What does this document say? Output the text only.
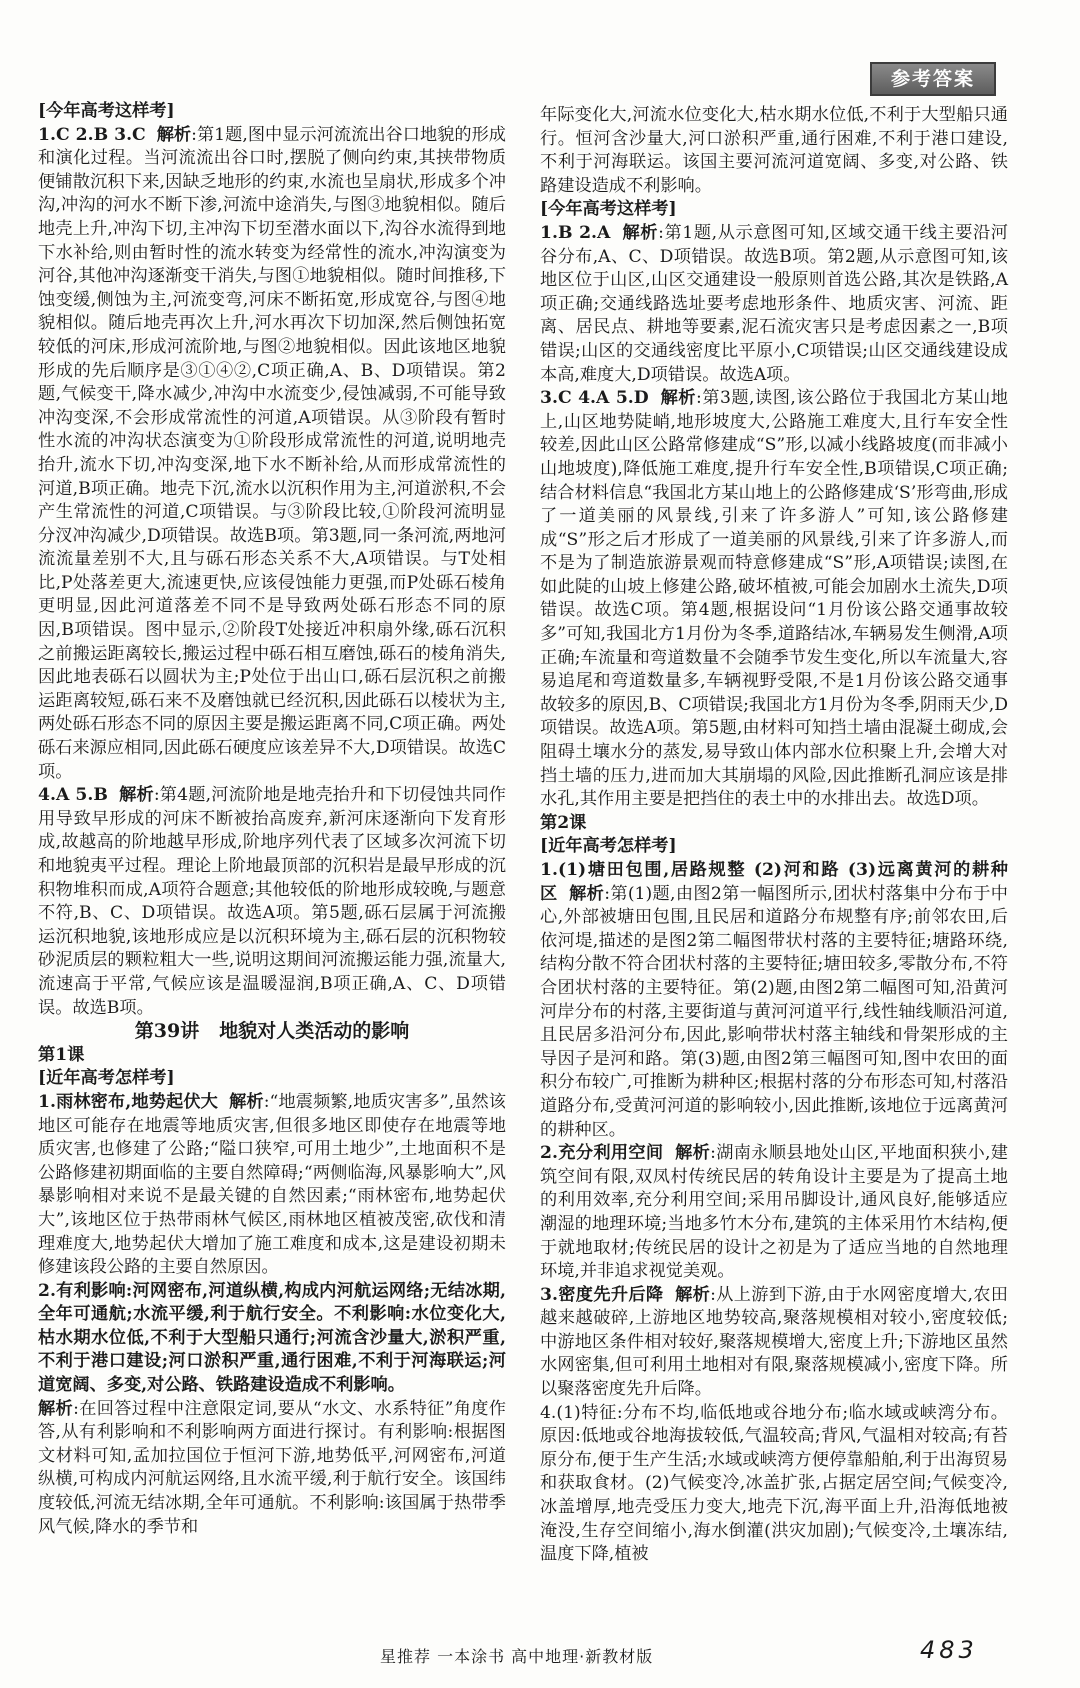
参考答案

[今年高考这样考]

1.C 2.B 3.C 解析:第1题,图中显示河流流出谷口地貌的形成和演化过程。当河流流出谷口时,摆脱了侧向约束,其挟带物质便铺散沉积下来,因缺乏地形的约束,水流也呈扇状,形成多个冲沟,冲沟的河水不断下渗,河流中途消失,与图③地貌相似。随后地壳上升,冲沟下切,主冲沟下切至潜水面以下,沟谷水流得到地下水补给,则由暂时性的流水转变为经常性的流水,冲沟演变为河谷,其他冲沟逐渐变干消失,与图①地貌相似。随时间推移,下蚀变缓,侧蚀为主,河流变弯,河床不断拓宽,形成宽谷,与图④地貌相似。随后地壳再次上升,河水再次下切加深,然后侧蚀拓宽较低的河床,形成河流阶地,与图②地貌相似。因此该地区地貌形成的先后顺序是③①④②,C项正确,A、B、D项错误。第2题,气候变干,降水减少,冲沟中水流变少,侵蚀减弱,不可能导致冲沟变深,不会形成常流性的河道,A项错误。从③阶段有暂时性水流的冲沟状态演变为①阶段形成常流性的河道,说明地壳抬升,流水下切,冲沟变深,地下水不断补给,从而形成常流性的河道,B项正确。地壳下沉,流水以沉积作用为主,河道淤积,不会产生常流性的河道,C项错误。与③阶段比较,①阶段河流明显分汊冲沟减少,D项错误。故选B项。第3题,同一条河流,两地河流流量差别不大,且与砾石形态关系不大,A项错误。与T处相比,P处落差更大,流速更快,应该侵蚀能力更强,而P处砾石棱角更明显,因此河道落差不同不是导致两处砾石形态不同的原因,B项错误。图中显示,②阶段T处接近冲积扇外缘,砾石沉积之前搬运距离较长,搬运过程中砾石相互磨蚀,砾石的棱角消失,因此地表砾石以圆状为主;P处位于出山口,砾石层沉积之前搬运距离较短,砾石来不及磨蚀就已经沉积,因此砾石以棱状为主,两处砾石形态不同的原因主要是搬运距离不同,C项正确。两处砾石来源应相同,因此砾石硬度应该差异不大,D项错误。故选C项。

4.A 5.B 解析:第4题,河流阶地是地壳抬升和下切侵蚀共同作用导致早形成的河床不断被抬高废弃,新河床逐渐向下发育形成,故越高的阶地越早形成,阶地序列代表了区域多次河流下切和地貌夷平过程。理论上阶地最顶部的沉积岩是最早形成的沉积物堆积而成,A项符合题意;其他较低的阶地形成较晚,与题意不符,B、C、D项错误。故选A项。第5题,砾石层属于河流搬运沉积地貌,该地形成应是以沉积环境为主,砾石层的沉积物较砂泥质层的颗粒粗大一些,说明这期间河流搬运能力强,流量大,流速高于平常,气候应该是温暖湿润,B项正确,A、C、D项错误。故选B项。

第39讲 地貌对人类活动的影响

第1课

[近年高考怎样考]

1.雨林密布,地势起伏大 解析:“地震频繁,地质灾害多”,虽然该地区可能存在地震等地质灾害,但很多地区即使存在地震等地质灾害,也修建了公路;“隘口狭窄,可用土地少”,土地面积不是公路修建初期面临的主要自然障碍;“两侧临海,风暴影响大”,风暴影响相对来说不是最关键的自然因素;“雨林密布,地势起伏大”,该地区位于热带雨林气候区,雨林地区植被茂密,砍伐和清理难度大,地势起伏大增加了施工难度和成本,这是建设初期未修建该段公路的主要自然原因。

2.有利影响:河网密布,河道纵横,构成内河航运网络;无结冰期,全年可通航;水流平缓,利于航行安全。不利影响:水位变化大,枯水期水位低,不利于大型船只通行;河流含沙量大,淤积严重,不利于港口建设;河口淤积严重,通行困难,不利于河海联运;河道宽阔、多变,对公路、铁路建设造成不利影响。

解析:在回答过程中注意限定词,要从“水文、水系特征”角度作答,从有利影响和不利影响两方面进行探讨。有利影响:根据图文材料可知,孟加拉国位于恒河下游,地势低平,河网密布,河道纵横,可构成内河航运网络,且水流平缓,利于航行安全。该国纬度较低,河流无结冰期,全年可通航。不利影响:该国属于热带季风气候,降水的季节和

年际变化大,河流水位变化大,枯水期水位低,不利于大型船只通行。恒河含沙量大,河口淤积严重,通行困难,不利于港口建设,不利于河海联运。该国主要河流河道宽阔、多变,对公路、铁路建设造成不利影响。

[今年高考这样考]

1.B 2.A 解析:第1题,从示意图可知,区域交通干线主要沿河谷分布,A、C、D项错误。故选B项。第2题,从示意图可知,该地区位于山区,山区交通建设一般原则首选公路,其次是铁路,A项正确;交通线路选址要考虑地形条件、地质灾害、河流、距离、居民点、耕地等要素,泥石流灾害只是考虑因素之一,B项错误;山区的交通线密度比平原小,C项错误;山区交通线建设成本高,难度大,D项错误。故选A项。

3.C 4.A 5.D 解析:第3题,读图,该公路位于我国北方某山地上,山区地势陡峭,地形坡度大,公路施工难度大,且行车安全性较差,因此山区公路常修建成“S”形,以减小线路坡度(而非减小山地坡度),降低施工难度,提升行车安全性,B项错误,C项正确;结合材料信息“我国北方某山地上的公路修建成‘S’形弯曲,形成了一道美丽的风景线,引来了许多游人”可知,该公路修建成“S”形之后才形成了一道美丽的风景线,引来了许多游人,而不是为了制造旅游景观而特意修建成“S”形,A项错误;读图,在如此陡的山坡上修建公路,破坏植被,可能会加剧水土流失,D项错误。故选C项。第4题,根据设问“1月份该公路交通事故较多”可知,我国北方1月份为冬季,道路结冰,车辆易发生侧滑,A项正确;车流量和弯道数量不会随季节发生变化,所以车流量大,容易追尾和弯道数量多,车辆视野受限,不是1月份该公路交通事故较多的原因,B、C项错误;我国北方1月份为冬季,阴雨天少,D项错误。故选A项。第5题,由材料可知挡土墙由混凝土砌成,会阻碍土壤水分的蒸发,易导致山体内部水位积聚上升,会增大对挡土墙的压力,进而加大其崩塌的风险,因此推断孔洞应该是排水孔,其作用主要是把挡住的表土中的水排出去。故选D项。

第2课

[近年高考怎样考]

1.(1)塘田包围,居路规整 (2)河和路 (3)远离黄河的耕种区 解析:第(1)题,由图2第一幅图所示,团状村落集中分布于中心,外部被塘田包围,且民居和道路分布规整有序;前邻农田,后依河堤,描述的是图2第二幅图带状村落的主要特征;塘路环绕,结构分散不符合团状村落的主要特征;塘田较多,零散分布,不符合团状村落的主要特征。第(2)题,由图2第二幅图可知,沿黄河河岸分布的村落,主要街道与黄河河道平行,线性轴线顺沿河道,且民居多沿河分布,因此,影响带状村落主轴线和骨架形成的主导因子是河和路。第(3)题,由图2第三幅图可知,图中农田的面积分布较广,可推断为耕种区;根据村落的分布形态可知,村落沿道路分布,受黄河河道的影响较小,因此推断,该地位于远离黄河的耕种区。

2.充分利用空间 解析:湖南永顺县地处山区,平地面积狭小,建筑空间有限,双凤村传统民居的转角设计主要是为了提高土地的利用效率,充分利用空间;采用吊脚设计,通风良好,能够适应潮湿的地理环境;当地多竹木分布,建筑的主体采用竹木结构,便于就地取材;传统民居的设计之初是为了适应当地的自然地理环境,并非追求视觉美观。

3.密度先升后降 解析:从上游到下游,由于水网密度增大,农田越来越破碎,上游地区地势较高,聚落规模相对较小,密度较低;中游地区条件相对较好,聚落规模增大,密度上升;下游地区虽然水网密集,但可利用土地相对有限,聚落规模减小,密度下降。所以聚落密度先升后降。

4.(1)特征:分布不均,临低地或谷地分布;临水域或峡湾分布。原因:低地或谷地海拔较低,气温较高;背风,气温相对较高;有苔原分布,便于生产生活;水域或峡湾方便停靠船舶,利于出海贸易和获取食材。(2)气候变冷,冰盖扩张,占据定居空间;气候变冷,冰盖增厚,地壳受压力变大,地壳下沉,海平面上升,沿海低地被淹没,生存空间缩小,海水倒灌(洪灾加剧);气候变冷,土壤冻结,温度下降,植被

星推荐 一本涂书 高中地理·新教材版	483
